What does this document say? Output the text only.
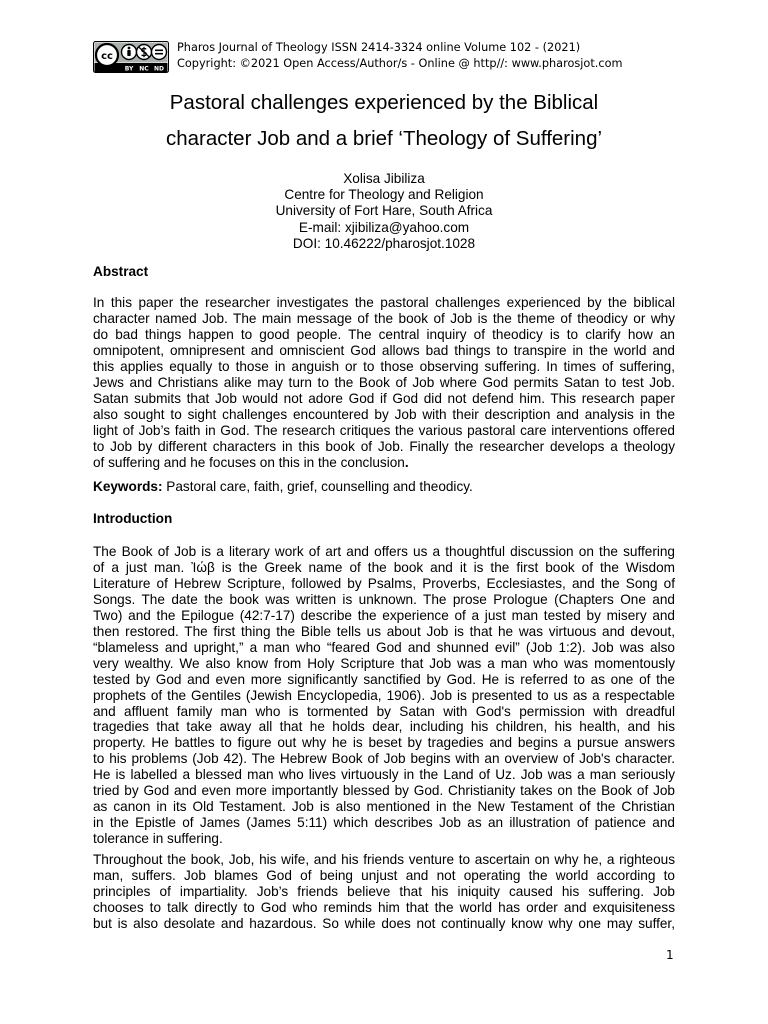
cc
BY NC ND
Pharos Journal of Theology ISSN 2414-3324 online Volume 102 - (2021)
Copyright: ©2021 Open Access/Author/s - Online @ http//: www.pharosjot.com
Pastoral challenges experienced by the Biblical
character Job and a brief ‘Theology of Suffering’
Xolisa Jibiliza
Centre for Theology and Religion
University of Fort Hare, South Africa
E-mail: xjibiliza@yahoo.com
DOI: 10.46222/pharosjot.1028
Abstract
In this paper the researcher investigates the pastoral challenges experienced by the biblical
character named Job. The main message of the book of Job is the theme of theodicy or why
do bad things happen to good people. The central inquiry of theodicy is to clarify how an
omnipotent, omnipresent and omniscient God allows bad things to transpire in the world and
this applies equally to those in anguish or to those observing suffering. In times of suffering,
Jews and Christians alike may turn to the Book of Job where God permits Satan to test Job.
Satan submits that Job would not adore God if God did not defend him. This research paper
also sought to sight challenges encountered by Job with their description and analysis in the
light of Job’s faith in God. The research critiques the various pastoral care interventions offered
to Job by different characters in this book of Job. Finally the researcher develops a theology
of suffering and he focuses on this in the conclusion.
Keywords: Pastoral care, faith, grief, counselling and theodicy.
Introduction
The Book of Job is a literary work of art and offers us a thoughtful discussion on the suffering
of a just man. Ἰώβ is the Greek name of the book and it is the first book of the Wisdom
Literature of Hebrew Scripture, followed by Psalms, Proverbs, Ecclesiastes, and the Song of
Songs. The date the book was written is unknown. The prose Prologue (Chapters One and
Two) and the Epilogue (42:7-17) describe the experience of a just man tested by misery and
then restored. The first thing the Bible tells us about Job is that he was virtuous and devout,
“blameless and upright,” a man who “feared God and shunned evil” (Job 1:2). Job was also
very wealthy. We also know from Holy Scripture that Job was a man who was momentously
tested by God and even more significantly sanctified by God. He is referred to as one of the
prophets of the Gentiles (Jewish Encyclopedia, 1906). Job is presented to us as a respectable
and affluent family man who is tormented by Satan with God's permission with dreadful
tragedies that take away all that he holds dear, including his children, his health, and his
property. He battles to figure out why he is beset by tragedies and begins a pursue answers
to his problems (Job 42). The Hebrew Book of Job begins with an overview of Job's character.
He is labelled a blessed man who lives virtuously in the Land of Uz. Job was a man seriously
tried by God and even more importantly blessed by God. Christianity takes on the Book of Job
as canon in its Old Testament. Job is also mentioned in the New Testament of the Christian
in the Epistle of James (James 5:11) which describes Job as an illustration of patience and
tolerance in suffering.
Throughout the book, Job, his wife, and his friends venture to ascertain on why he, a righteous
man, suffers. Job blames God of being unjust and not operating the world according to
principles of impartiality. Job’s friends believe that his iniquity caused his suffering. Job
chooses to talk directly to God who reminds him that the world has order and exquisiteness
but is also desolate and hazardous. So while does not continually know why one may suffer,
1
